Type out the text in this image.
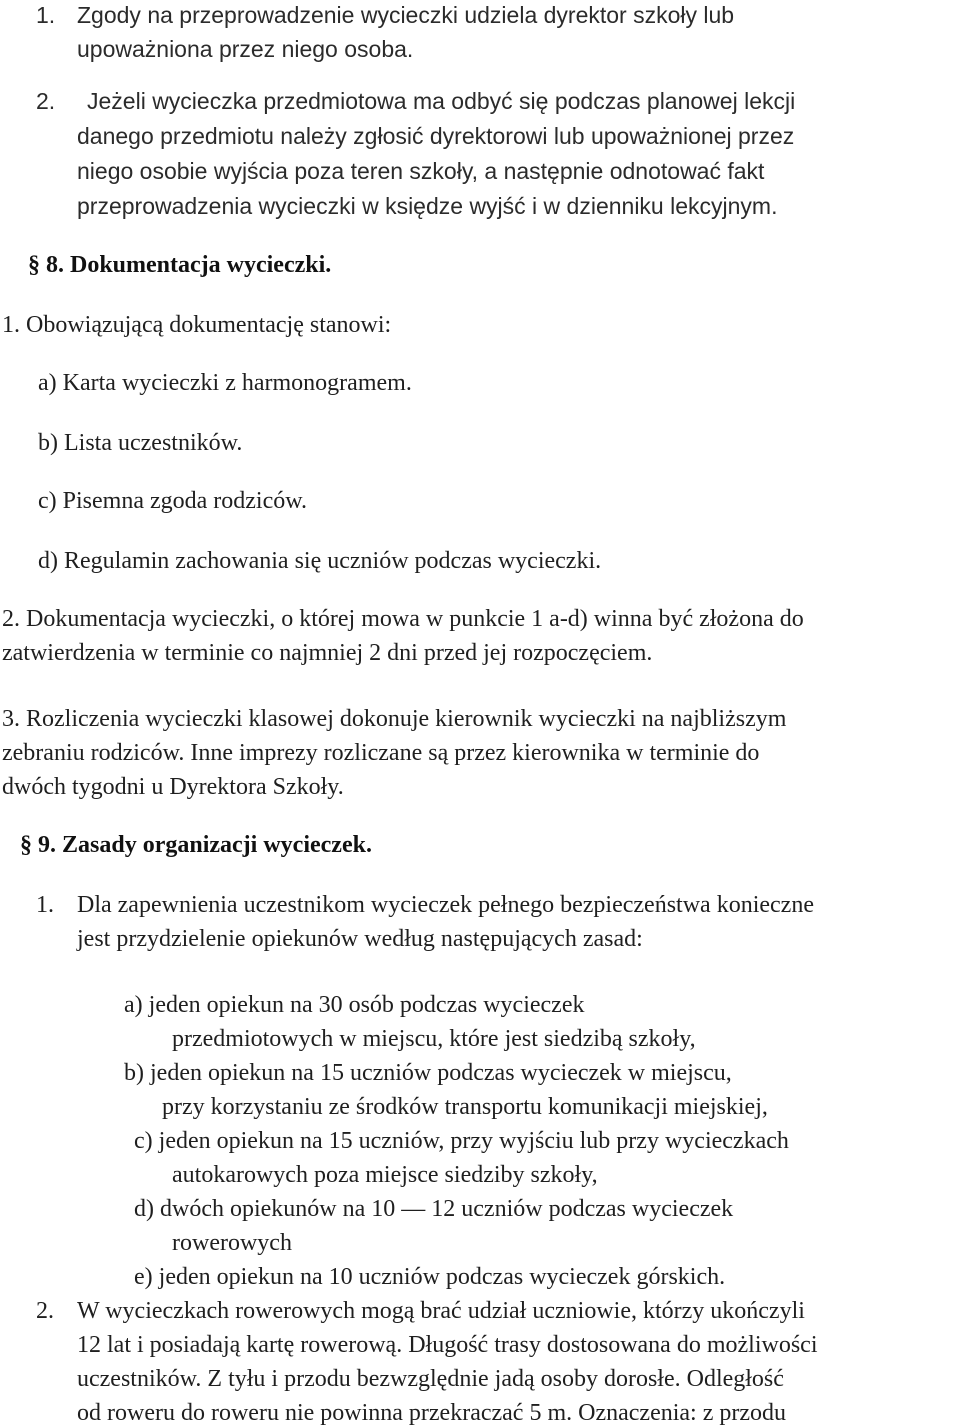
1. Zgody na przeprowadzenie wycieczki udziela dyrektor szkoły lub
upoważniona przez niego osoba.
2. Jeżeli wycieczka przedmiotowa ma odbyć się podczas planowej lekcji
danego przedmiotu należy zgłosić dyrektorowi lub upoważnionej przez
niego osobie wyjścia poza teren szkoły, a następnie odnotować fakt
przeprowadzenia wycieczki w księdze wyjść i w dzienniku lekcyjnym.
§ 8. Dokumentacja wycieczki.
1. Obowiązującą dokumentację stanowi:
a) Karta wycieczki z harmonogramem.
b) Lista uczestników.
c) Pisemna zgoda rodziców.
d) Regulamin zachowania się uczniów podczas wycieczki.
2. Dokumentacja wycieczki, o której mowa w punkcie 1 a-d) winna być złożona do
zatwierdzenia w terminie co najmniej 2 dni przed jej rozpoczęciem.
3. Rozliczenia wycieczki klasowej dokonuje kierownik wycieczki na najbliższym
zebraniu rodziców. Inne imprezy rozliczane są przez kierownika w terminie do
dwóch tygodni u Dyrektora Szkoły.
§ 9. Zasady organizacji wycieczek.
1. Dla zapewnienia uczestnikom wycieczek pełnego bezpieczeństwa konieczne
jest przydzielenie opiekunów według następujących zasad:
a) jeden opiekun na 30 osób podczas wycieczek
przedmiotowych w miejscu, które jest siedzibą szkoły,
b) jeden opiekun na 15 uczniów podczas wycieczek w miejscu,
przy korzystaniu ze środków transportu komunikacji miejskiej,
c) jeden opiekun na 15 uczniów, przy wyjściu lub przy wycieczkach
autokarowych poza miejsce siedziby szkoły,
d) dwóch opiekunów na 10 — 12 uczniów podczas wycieczek
rowerowych
e) jeden opiekun na 10 uczniów podczas wycieczek górskich.
2. W wycieczkach rowerowych mogą brać udział uczniowie, którzy ukończyli
12 lat i posiadają kartę rowerową. Długość trasy dostosowana do możliwości
uczestników. Z tyłu i przodu bezwzględnie jadą osoby dorosłe. Odległość
od roweru do roweru nie powinna przekraczać 5 m. Oznaczenia: z przodu
